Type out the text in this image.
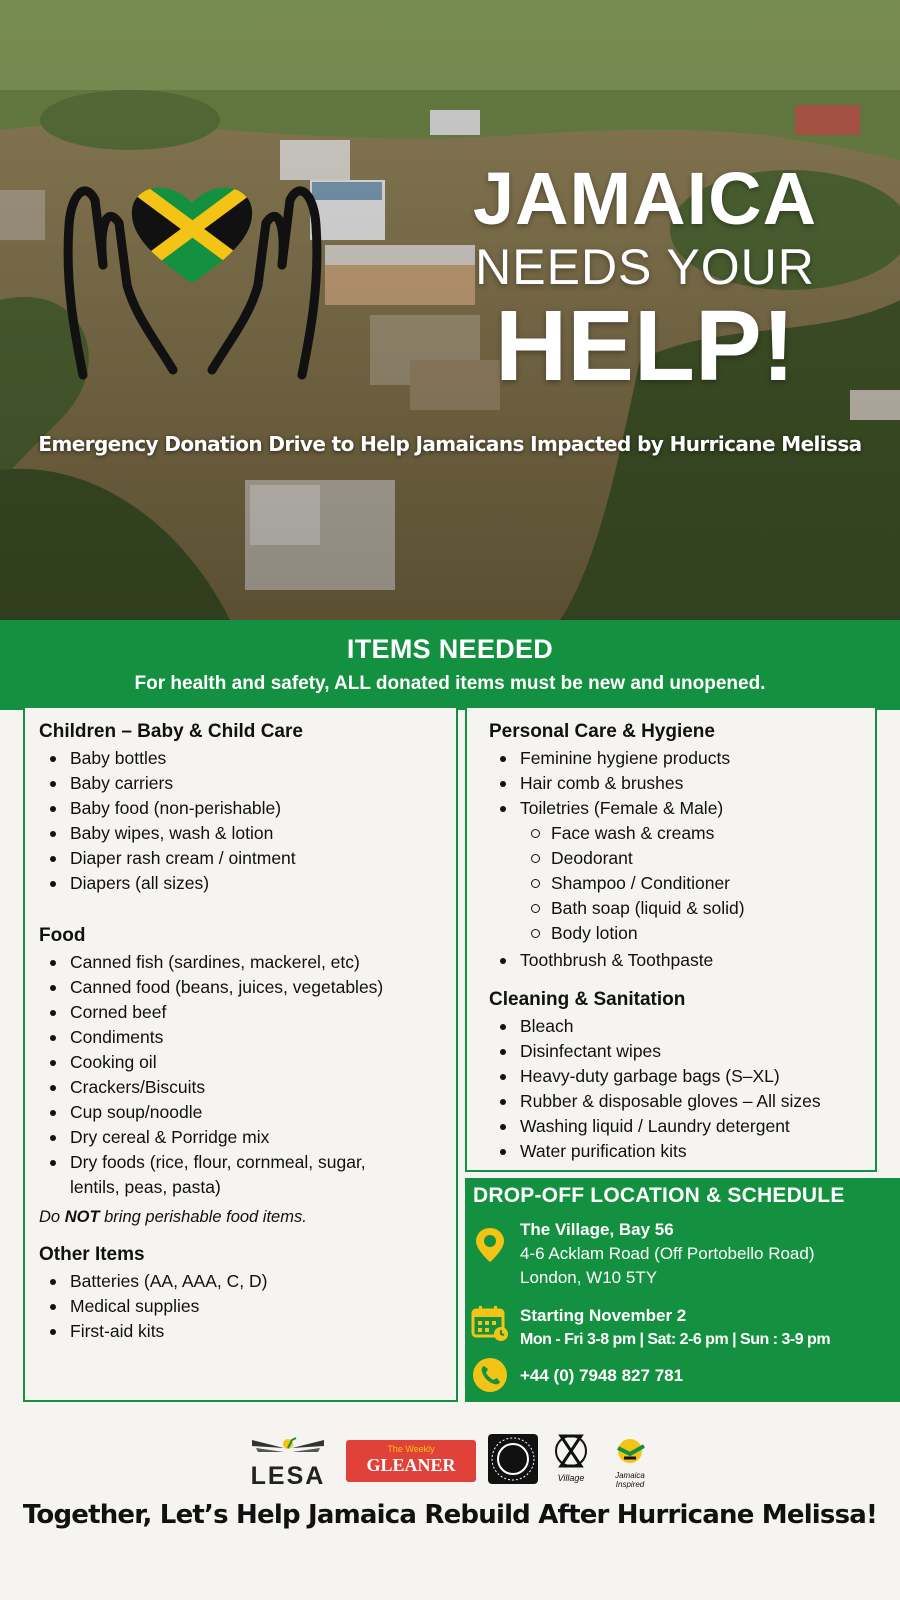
JAMAICA
NEEDS YOUR
HELP!
Emergency Donation Drive to Help Jamaicans Impacted by Hurricane Melissa
ITEMS NEEDED
For health and safety, ALL donated items must be new and unopened.
Children – Baby & Child Care
Baby bottles
Baby carriers
Baby food (non-perishable)
Baby wipes, wash & lotion
Diaper rash cream / ointment
Diapers (all sizes)
Food
Canned fish (sardines, mackerel, etc)
Canned food (beans, juices, vegetables)
Corned beef
Condiments
Cooking oil
Crackers/Biscuits
Cup soup/noodle
Dry cereal & Porridge mix
Dry foods (rice, flour, cornmeal, sugar, lentils, peas, pasta)
Do NOT bring perishable food items.
Other Items
Batteries (AA, AAA, C, D)
Medical supplies
First-aid kits
Personal Care & Hygiene
Feminine hygiene products
Hair comb & brushes
Toiletries (Female & Male)
Face wash & creams
Deodorant
Shampoo / Conditioner
Bath soap (liquid & solid)
Body lotion
Toothbrush & Toothpaste
Cleaning & Sanitation
Bleach
Disinfectant wipes
Heavy-duty garbage bags (S–XL)
Rubber & disposable gloves – All sizes
Washing liquid / Laundry detergent
Water purification kits
DROP-OFF LOCATION & SCHEDULE
The Village, Bay 56
4-6 Acklam Road (Off Portobello Road)
London, W10 5TY
Starting November 2
Mon - Fri 3-8 pm | Sat: 2-6 pm | Sun : 3-9 pm
+44 (0) 7948 827 781
LESA
The Weekly
GLEANER
Village	Jamaica Inspired
Together, Let’s Help Jamaica Rebuild After Hurricane Melissa!
